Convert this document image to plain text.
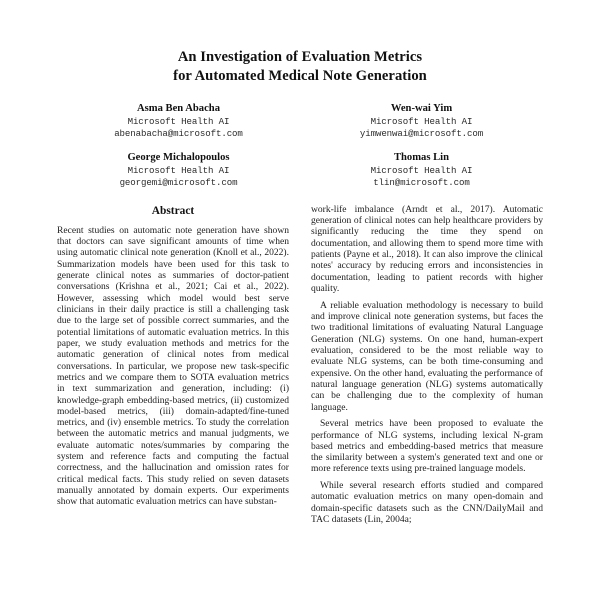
An Investigation of Evaluation Metrics
for Automated Medical Note Generation
Asma Ben Abacha
Microsoft Health AI
abenabacha@microsoft.com
Wen-wai Yim
Microsoft Health AI
yimwenwai@microsoft.com
George Michalopoulos
Microsoft Health AI
georgemi@microsoft.com
Thomas Lin
Microsoft Health AI
tlin@microsoft.com
Abstract

Recent studies on automatic note generation have shown that doctors can save significant amounts of time when using automatic clinical note generation (Knoll et al., 2022). Summarization models have been used for this task to generate clinical notes as summaries of doctor-patient conversations (Krishna et al., 2021; Cai et al., 2022). However, assessing which model would best serve clinicians in their daily practice is still a challenging task due to the large set of possible correct summaries, and the potential limitations of automatic evaluation metrics. In this paper, we study evaluation methods and metrics for the automatic generation of clinical notes from medical conversations. In particular, we propose new task-specific metrics and we compare them to SOTA evaluation metrics in text summarization and generation, including: (i) knowledge-graph embedding-based metrics, (ii) customized model-based metrics, (iii) domain-adapted/fine-tuned metrics, and (iv) ensemble metrics. To study the correlation between the automatic metrics and manual judgments, we evaluate automatic notes/summaries by comparing the system and reference facts and computing the factual correctness, and the hallucination and omission rates for critical medical facts. This study relied on seven datasets manually annotated by domain experts. Our experiments show that automatic evaluation metrics can have substan-

work-life imbalance (Arndt et al., 2017). Automatic generation of clinical notes can help healthcare providers by significantly reducing the time they spend on documentation, and allowing them to spend more time with patients (Payne et al., 2018). It can also improve the clinical notes' accuracy by reducing errors and inconsistencies in documentation, leading to patient records with higher quality.

A reliable evaluation methodology is necessary to build and improve clinical note generation systems, but faces the two traditional limitations of evaluating Natural Language Generation (NLG) systems. On one hand, human-expert evaluation, considered to be the most reliable way to evaluate NLG systems, can be both time-consuming and expensive. On the other hand, evaluating the performance of natural language generation (NLG) systems automatically can be challenging due to the complexity of human language.

Several metrics have been proposed to evaluate the performance of NLG systems, including lexical N-gram based metrics and embedding-based metrics that measure the similarity between a system's generated text and one or more reference texts using pre-trained language models.

While several research efforts studied and compared automatic evaluation metrics on many open-domain and domain-specific datasets such as the CNN/DailyMail and TAC datasets (Lin, 2004a;
